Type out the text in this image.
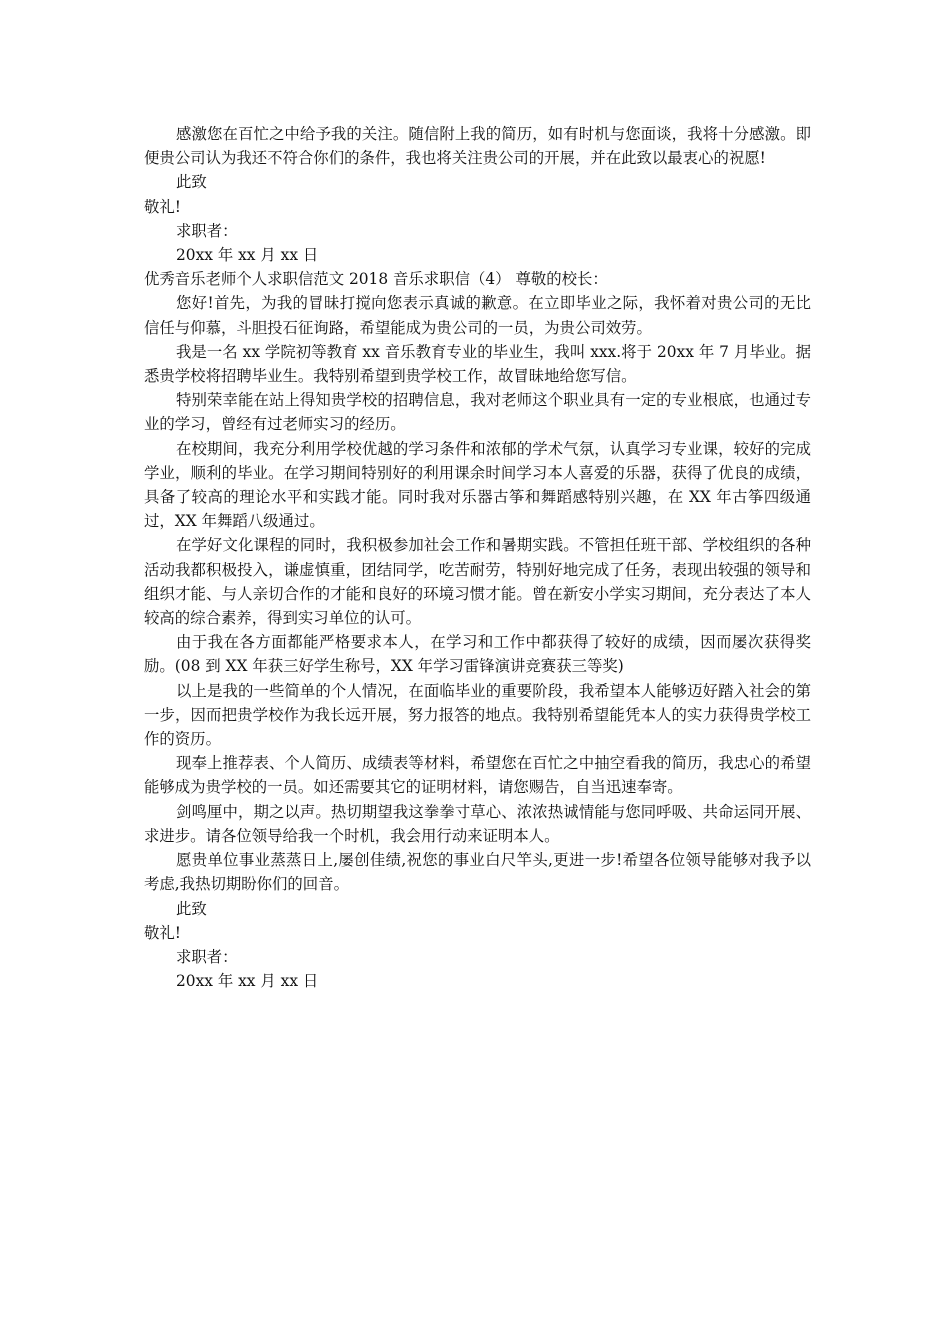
感激您在百忙之中给予我的关注。随信附上我的简历，如有时机与您面谈，我将十分感激。即便贵公司认为我还不符合你们的条件，我也将关注贵公司的开展，并在此致以最衷心的祝愿!

此致

敬礼!

求职者：

20xx 年 xx 月 xx 日

优秀音乐老师个人求职信范文 2018 音乐求职信（4） 尊敬的校长：

您好!首先，为我的冒昧打搅向您表示真诚的歉意。在立即毕业之际，我怀着对贵公司的无比信任与仰慕，斗胆投石征询路，希望能成为贵公司的一员，为贵公司效劳。

我是一名 xx 学院初等教育 xx 音乐教育专业的毕业生，我叫 xxx.将于 20xx 年 7 月毕业。据悉贵学校将招聘毕业生。我特别希望到贵学校工作，故冒昧地给您写信。

特别荣幸能在站上得知贵学校的招聘信息，我对老师这个职业具有一定的专业根底，也通过专业的学习，曾经有过老师实习的经历。

在校期间，我充分利用学校优越的学习条件和浓郁的学术气氛，认真学习专业课，较好的完成学业，顺利的毕业。在学习期间特别好的利用课余时间学习本人喜爱的乐器，获得了优良的成绩，具备了较高的理论水平和实践才能。同时我对乐器古筝和舞蹈感特别兴趣，在 XX 年古筝四级通过，XX 年舞蹈八级通过。

在学好文化课程的同时，我积极参加社会工作和暑期实践。不管担任班干部、学校组织的各种活动我都积极投入，谦虚慎重，团结同学，吃苦耐劳，特别好地完成了任务，表现出较强的领导和组织才能、与人亲切合作的才能和良好的环境习惯才能。曾在新安小学实习期间，充分表达了本人较高的综合素养，得到实习单位的认可。

由于我在各方面都能严格要求本人，在学习和工作中都获得了较好的成绩，因而屡次获得奖励。(08 到 XX 年获三好学生称号，XX 年学习雷锋演讲竞赛获三等奖)

以上是我的一些简单的个人情况，在面临毕业的重要阶段，我希望本人能够迈好踏入社会的第一步，因而把贵学校作为我长远开展，努力报答的地点。我特别希望能凭本人的实力获得贵学校工作的资历。

现奉上推荐表、个人简历、成绩表等材料，希望您在百忙之中抽空看我的简历，我忠心的希望能够成为贵学校的一员。如还需要其它的证明材料，请您赐告，自当迅速奉寄。

剑鸣厘中，期之以声。热切期望我这拳拳寸草心、浓浓热诚情能与您同呼吸、共命运同开展、求进步。请各位领导给我一个时机，我会用行动来证明本人。

愿贵单位事业蒸蒸日上,屡创佳绩,祝您的事业白尺竿头,更进一步!希望各位领导能够对我予以考虑,我热切期盼你们的回音。

此致

敬礼!

求职者：

20xx 年 xx 月 xx 日
